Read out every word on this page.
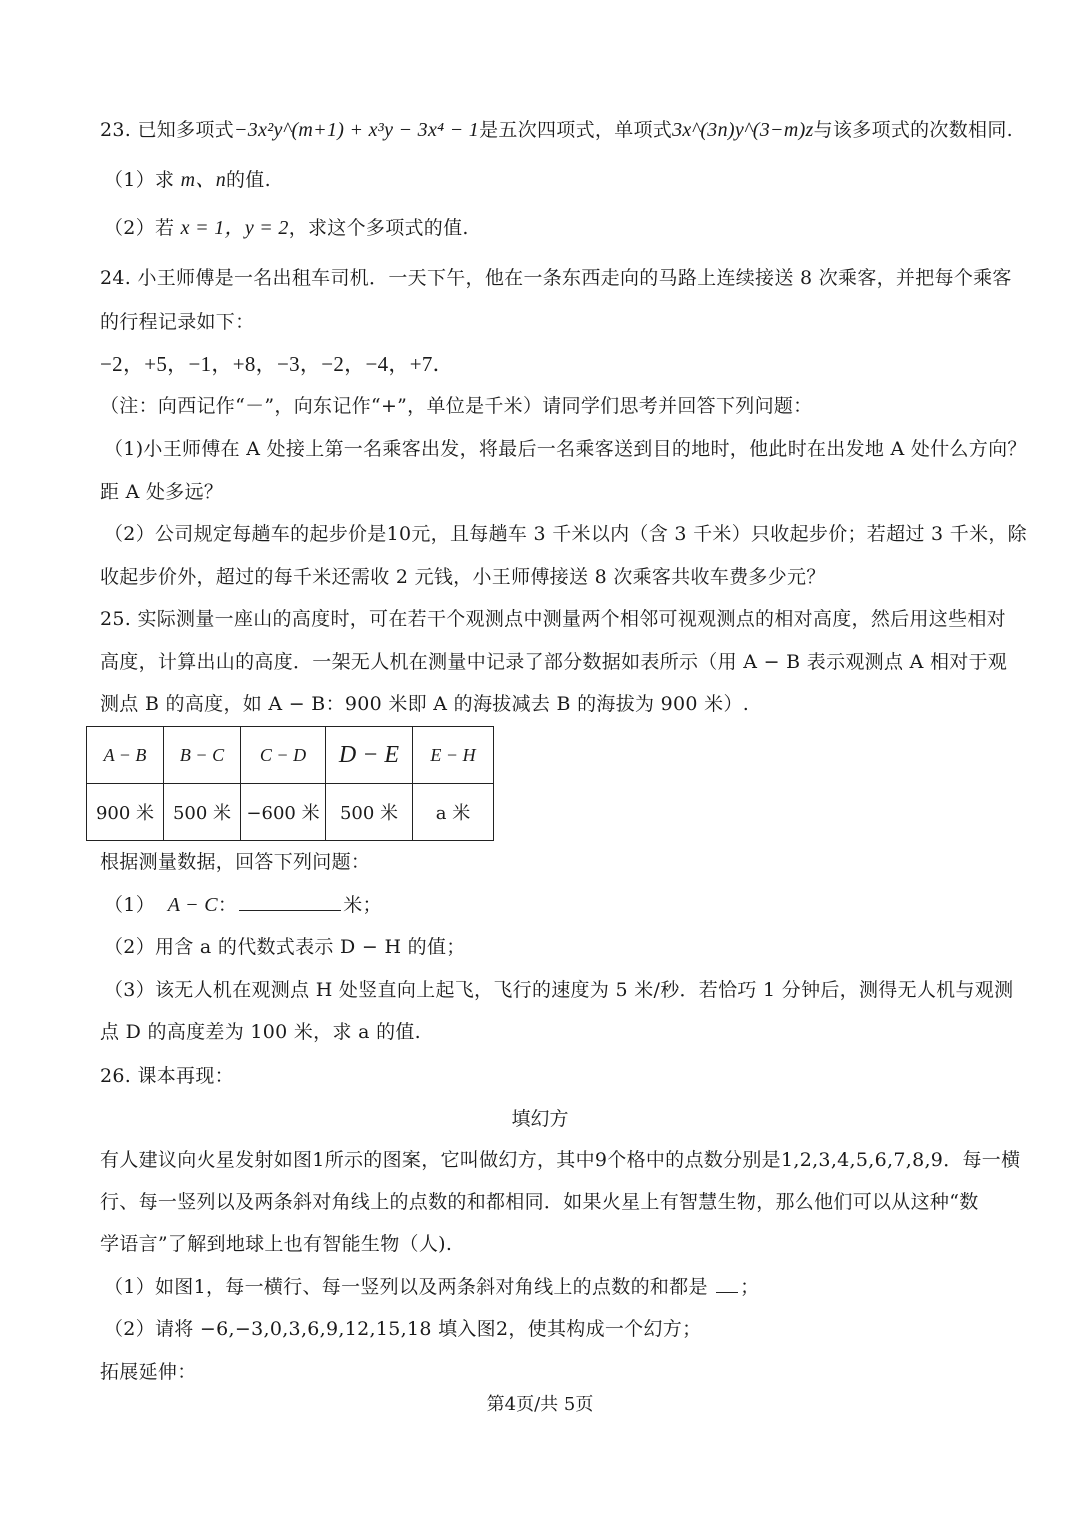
23. 已知多项式−3x²y^(m+1) + x³y − 3x⁴ − 1是五次四项式，单项式3x^(3n)y^(3−m)z与该多项式的次数相同.
（1）求 m、n的值.
（2）若 x = 1，y = 2，求这个多项式的值.
24. 小王师傅是一名出租车司机．一天下午，他在一条东西走向的马路上连续接送 8 次乘客，并把每个乘客
的行程记录如下：
−2，+5，−1，+8，−3，−2，−4，+7．
（注：向西记作“－”，向东记作“+”，单位是千米）请同学们思考并回答下列问题：
（1)小王师傅在 A 处接上第一名乘客出发，将最后一名乘客送到目的地时，他此时在出发地 A 处什么方向？
距 A 处多远？
（2）公司规定每趟车的起步价是10元，且每趟车 3 千米以内（含 3 千米）只收起步价；若超过 3 千米，除
收起步价外，超过的每千米还需收 2 元钱，小王师傅接送 8 次乘客共收车费多少元？
25. 实际测量一座山的高度时，可在若干个观测点中测量两个相邻可视观测点的相对高度，然后用这些相对
高度，计算出山的高度．一架无人机在测量中记录了部分数据如表所示（用 A − B 表示观测点 A 相对于观
测点 B 的高度，如 A − B：900 米即 A 的海拔减去 B 的海拔为 900 米）.
A − B	B − C	C − D	D − E	E − H
900 米	500 米	−600 米	500 米	a 米
根据测量数据，回答下列问题：
（1） A − C：	米；
（2）用含 a 的代数式表示 D − H 的值；
（3）该无人机在观测点 H 处竖直向上起飞，飞行的速度为 5 米/秒．若恰巧 1 分钟后，测得无人机与观测
点 D 的高度差为 100 米，求 a 的值.
26. 课本再现：
填幻方
有人建议向火星发射如图1所示的图案，它叫做幻方，其中9个格中的点数分别是1,2,3,4,5,6,7,8,9．每一横
行、每一竖列以及两条斜对角线上的点数的和都相同．如果火星上有智慧生物，那么他们可以从这种“数
学语言”了解到地球上也有智能生物（人).
（1）如图1，每一横行、每一竖列以及两条斜对角线上的点数的和都是 ；
（2）请将 −6,−3,0,3,6,9,12,15,18 填入图2，使其构成一个幻方；
拓展延伸：
第4页/共 5页
